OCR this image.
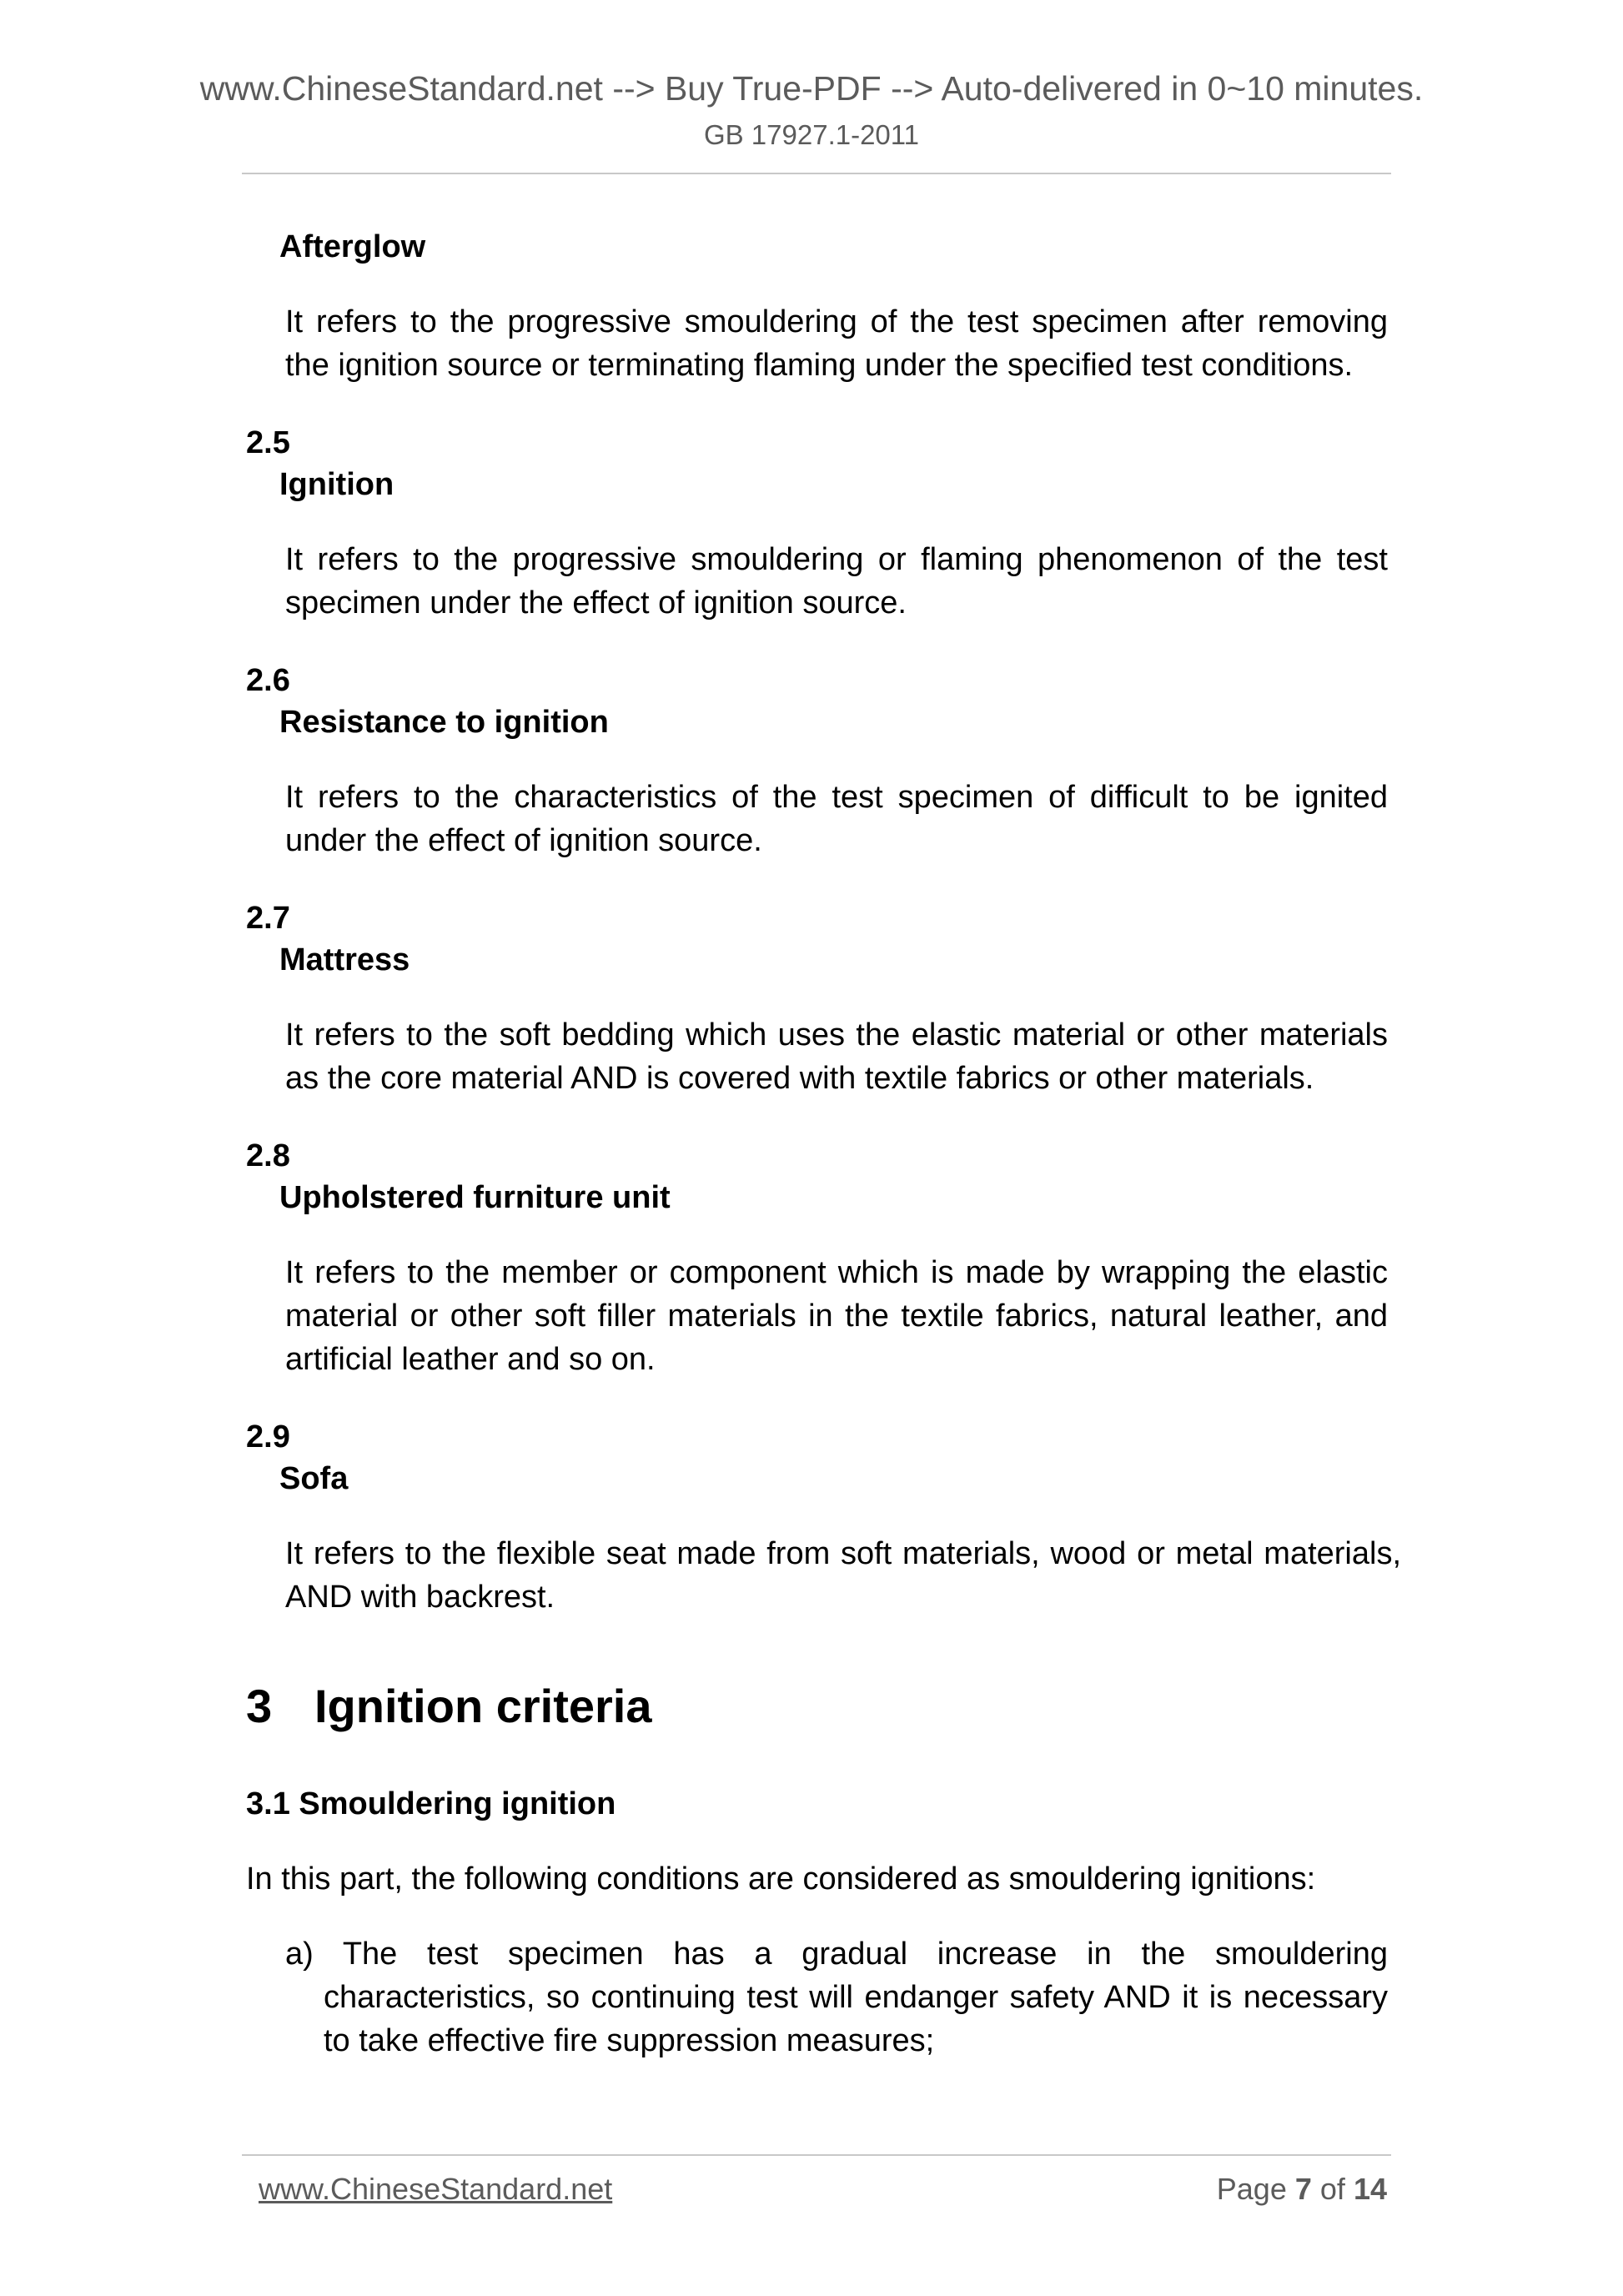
www.ChineseStandard.net --> Buy True-PDF --> Auto-delivered in 0~10 minutes.
GB 17927.1-2011
Afterglow
It refers to the progressive smouldering of the test specimen after removing the ignition source or terminating flaming under the specified test conditions.
2.5
Ignition
It refers to the progressive smouldering or flaming phenomenon of the test specimen under the effect of ignition source.
2.6
Resistance to ignition
It refers to the characteristics of the test specimen of difficult to be ignited under the effect of ignition source.
2.7
Mattress
It refers to the soft bedding which uses the elastic material or other materials as the core material AND is covered with textile fabrics or other materials.
2.8
Upholstered furniture unit
It refers to the member or component which is made by wrapping the elastic material or other soft filler materials in the textile fabrics, natural leather, and artificial leather and so on.
2.9
Sofa
It refers to the flexible seat made from soft materials, wood or metal materials, AND with backrest.
3 Ignition criteria
3.1 Smouldering ignition
In this part, the following conditions are considered as smouldering ignitions:
a) The test specimen has a gradual increase in the smouldering characteristics, so continuing test will endanger safety AND it is necessary to take effective fire suppression measures;
www.ChineseStandard.net	Page 7 of 14
